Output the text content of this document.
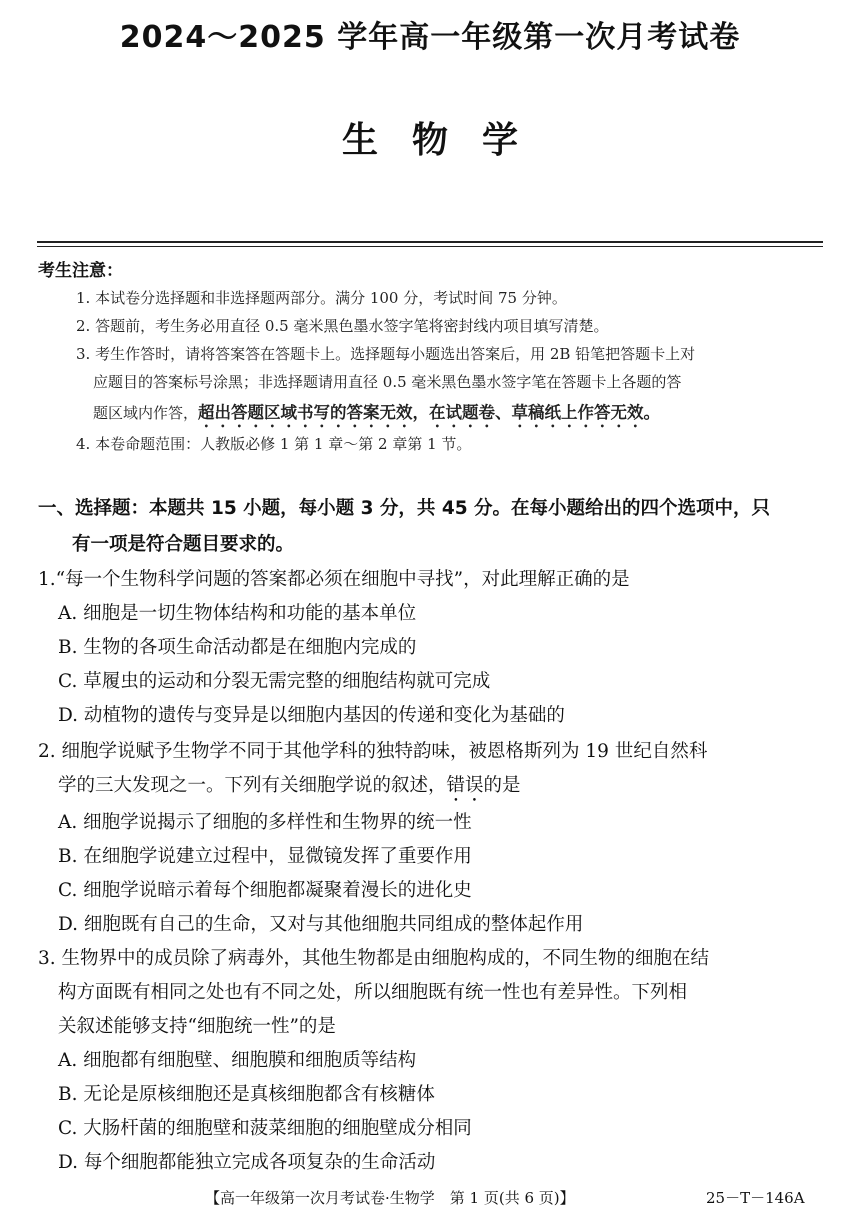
2024～2025 学年高一年级第一次月考试卷
生物学
考生注意：
1. 本试卷分选择题和非选择题两部分。满分 100 分，考试时间 75 分钟。
2. 答题前，考生务必用直径 0.5 毫米黑色墨水签字笔将密封线内项目填写清楚。
3. 考生作答时，请将答案答在答题卡上。选择题每小题选出答案后，用 2B 铅笔把答题卡上对
应题目的答案标号涂黑；非选择题请用直径 0.5 毫米黑色墨水签字笔在答题卡上各题的答
题区域内作答，超出答题区域书写的答案无效，在试题卷、草稿纸上作答无效。
4. 本卷命题范围：人教版必修 1 第 1 章～第 2 章第 1 节。
一、选择题：本题共 15 小题，每小题 3 分，共 45 分。在每小题给出的四个选项中，只
有一项是符合题目要求的。
1.“每一个生物科学问题的答案都必须在细胞中寻找”，对此理解正确的是
A. 细胞是一切生物体结构和功能的基本单位
B. 生物的各项生命活动都是在细胞内完成的
C. 草履虫的运动和分裂无需完整的细胞结构就可完成
D. 动植物的遗传与变异是以细胞内基因的传递和变化为基础的
2. 细胞学说赋予生物学不同于其他学科的独特韵味，被恩格斯列为 19 世纪自然科
学的三大发现之一。下列有关细胞学说的叙述，错误的是
A. 细胞学说揭示了细胞的多样性和生物界的统一性
B. 在细胞学说建立过程中，显微镜发挥了重要作用
C. 细胞学说暗示着每个细胞都凝聚着漫长的进化史
D. 细胞既有自己的生命，又对与其他细胞共同组成的整体起作用
3. 生物界中的成员除了病毒外，其他生物都是由细胞构成的，不同生物的细胞在结
构方面既有相同之处也有不同之处，所以细胞既有统一性也有差异性。下列相
关叙述能够支持“细胞统一性”的是
A. 细胞都有细胞壁、细胞膜和细胞质等结构
B. 无论是原核细胞还是真核细胞都含有核糖体
C. 大肠杆菌的细胞壁和菠菜细胞的细胞壁成分相同
D. 每个细胞都能独立完成各项复杂的生命活动
【高一年级第一次月考试卷·生物学　第 1 页(共 6 页)】	25－T－146A
